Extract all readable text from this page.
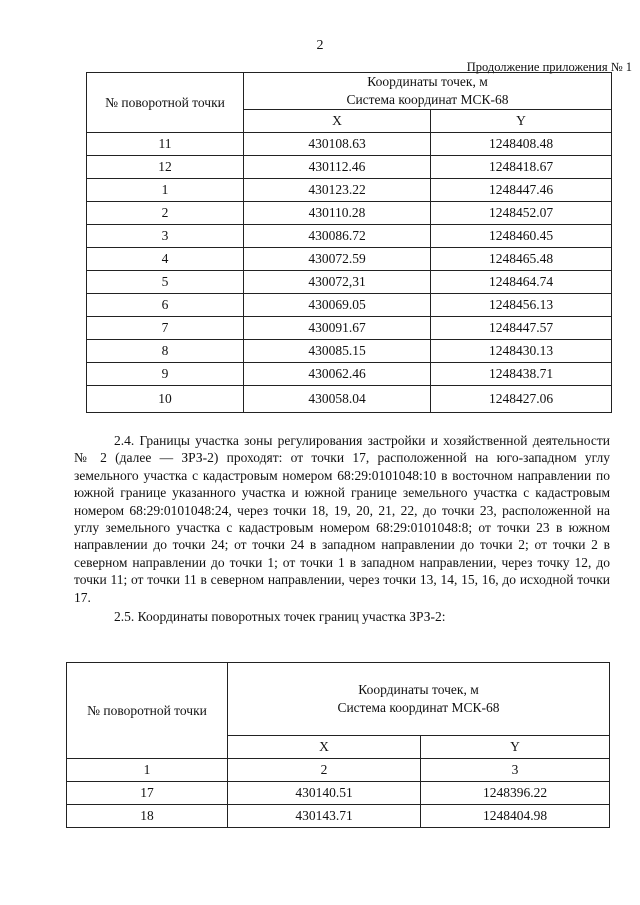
2
Продолжение приложения № 1
№ поворотной точки	Координаты точек, м
Система координат МСК-68	
	X	Y
11	430108.63	1248408.48
12	430112.46	1248418.67
1	430123.22	1248447.46
2	430110.28	1248452.07
3	430086.72	1248460.45
4	430072.59	1248465.48
5	430072,31	1248464.74
6	430069.05	1248456.13
7	430091.67	1248447.57
8	430085.15	1248430.13
9	430062.46	1248438.71
10	430058.04	1248427.06

2.4. Границы участка зоны регулирования застройки и хозяйственной деятельности № 2 (далее — ЗРЗ-2) проходят: от точки 17, расположенной на юго-западном углу земельного участка с кадастровым номером 68:29:0101048:10 в восточном направлении по южной границе указанного участка и южной границе земельного участка с кадастровым номером 68:29:0101048:24, через точки 18, 19, 20, 21, 22, до точки 23, расположенной на углу земельного участка с кадастровым номером 68:29:0101048:8; от точки 23 в южном направлении до точки 24; от точки 24 в западном направлении до точки 2; от точки 2 в северном направлении до точки 1; от точки 1 в западном направлении, через точку 12, до точки 11; от точки 11 в северном направлении, через точки 13, 14, 15, 16, до исходной точки 17.

2.5. Координаты поворотных точек границ участка ЗРЗ-2:

№ поворотной точки	Координаты точек, м
Система координат МСК-68	
	X	Y
1	2	3
17	430140.51	1248396.22
18	430143.71	1248404.98
